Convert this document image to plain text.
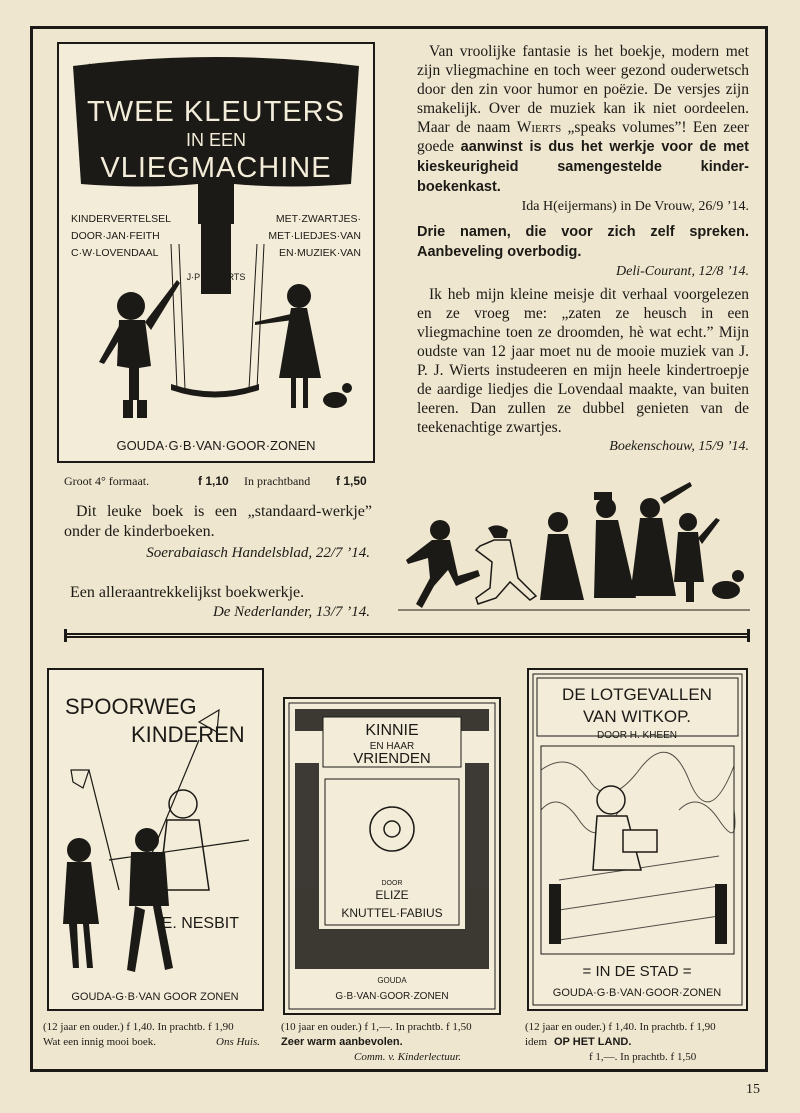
TWEE KLEUTERS
IN EEN
VLIEGMACHINE
KINDERVERTELSEL
DOOR·JAN·FEITH
C·W·LOVENDAAL
MET·ZWARTJES·
MET·LIEDJES·VAN
EN·MUZIEK·VAN
J·P·J·WIERTS
GOUDA·G·B·VAN·GOOR·ZONEN
Groot 4° formaat.	f 1,10 In prachtband f 1,50
Dit leuke boek is een „standaard-werkje” onder de kinderboeken.
Soerabaiasch Handelsblad, 22/7 ’14.
Een alleraantrekkelijkst boekwerkje.
De Nederlander, 13/7 ’14.

Van vroolijke fantasie is het boekje, modern met zijn vliegmachine en toch weer gezond ouderwetsch door den zin voor humor en poëzie. De versjes zijn smakelijk. Over de muziek kan ik niet oordeelen. Maar de naam Wierts „speaks volumes”! Een zeer goede aanwinst is dus het werkje voor de met kieskeurigheid samengestelde kinder-boekenkast.

Ida H(eijermans) in De Vrouw, 26/9 ’14.

Drie namen, die voor zich zelf spreken. Aanbeveling overbodig.

Deli-Courant, 12/8 ’14.

Ik heb mijn kleine meisje dit verhaal voorgelezen en ze vroeg me: „zaten ze heusch in een vliegmachine toen ze droomden, hè wat echt.” Mijn oudste van 12 jaar moet nu de mooie muziek van J. P. J. Wierts instudeeren en mijn heele kindertroepje de aardige liedjes die Lovendaal maakte, van buiten leeren. Dan zullen ze dubbel genieten van de teekenachtige zwartjes.

Boekenschouw, 15/9 ’14.

SPOORWEG
KINDEREN
E. NESBIT
GOUDA-G·B·VAN GOOR ZONEN
(12 jaar en ouder.) f 1,40. In prachtb. f 1,90
Wat een innig mooi boek.	Ons Huis.
KINNIE
EN HAAR
VRIENDEN
DOOR
ELIZE
KNUTTEL·FABIUS
GOUDA
G·B·VAN·GOOR·ZONEN
(10 jaar en ouder.) f 1,—. In prachtb. f 1,50
Zeer warm aanbevolen.
Comm. v. Kinderlectuur.
DE LOTGEVALLEN
VAN WITKOP.
DOOR H. KHEEN
= IN DE STAD =
GOUDA·G·B·VAN·GOOR·ZONEN
(12 jaar en ouder.) f 1,40. In prachtb. f 1,90
idem OP HET LAND.
f 1,—. In prachtb. f 1,50
15
